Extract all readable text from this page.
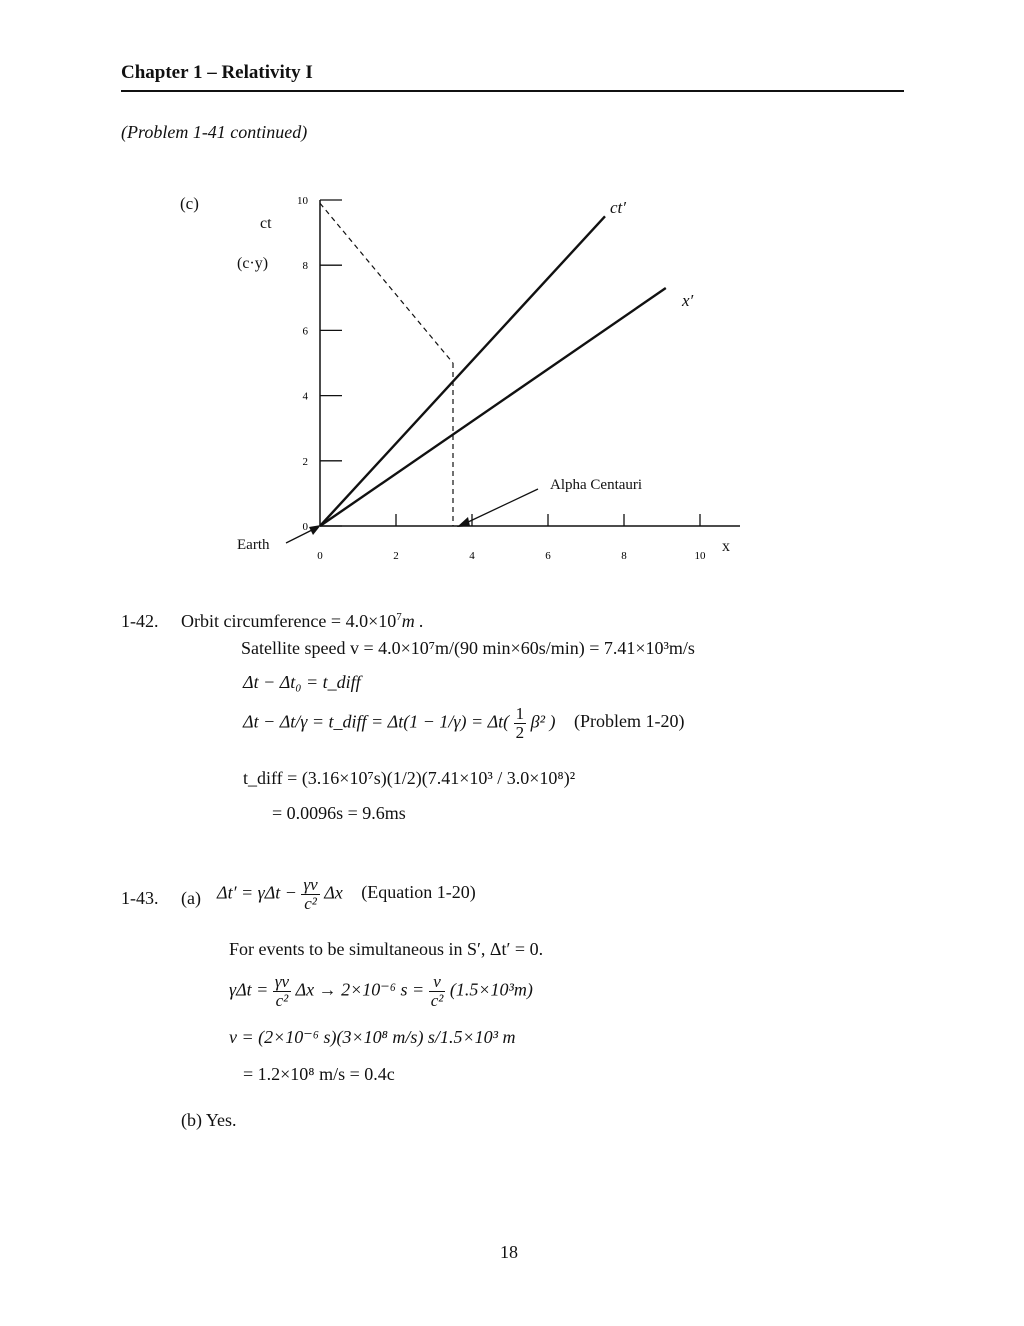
Chapter 1 – Relativity I
(Problem 1-41 continued)
(c)
ct
(c·y)
x
ct′
x′
Alpha Centauri
Earth
0
2
4
6
8
10
0	2	4	6	8	10
1-42. Orbit circumference = $4.0\times 10^7m$ .
Satellite speed v = 4.0×10⁷m/(90 min×60s/min) = 7.41×10³m/s
Δt − Δt₀ = t_diff
Δt − Δt/γ = t_diff = $\Delta t(1 - 1/\gamma) = \Delta t( \frac{1}{2} \beta^2$ ) (Problem 1-20)
t_diff = (3.16×10⁷s)(1/2)(7.41×10³ / 3.0×10⁸)²
= 0.0096s = 9.6ms
1-43. (a) $\Delta t' = \gamma\Delta t - \frac{\gamma v}{\text{c²}}$ Δx (Equation 1-20)
For events to be simultaneous in S′, Δt′ = 0.
$\gamma\Delta t = \frac{\gamma v}{\text{c²}}$ Δx → 2×10⁻⁶ $s = \frac{v}{\text{c²}} (1.5\times 10^3m)$
v = (2×10⁻⁶ s)(3×10⁸ m/s) s/1.5×10³ m
= 1.2×10⁸ m/s = 0.4c
(b) Yes.
18
